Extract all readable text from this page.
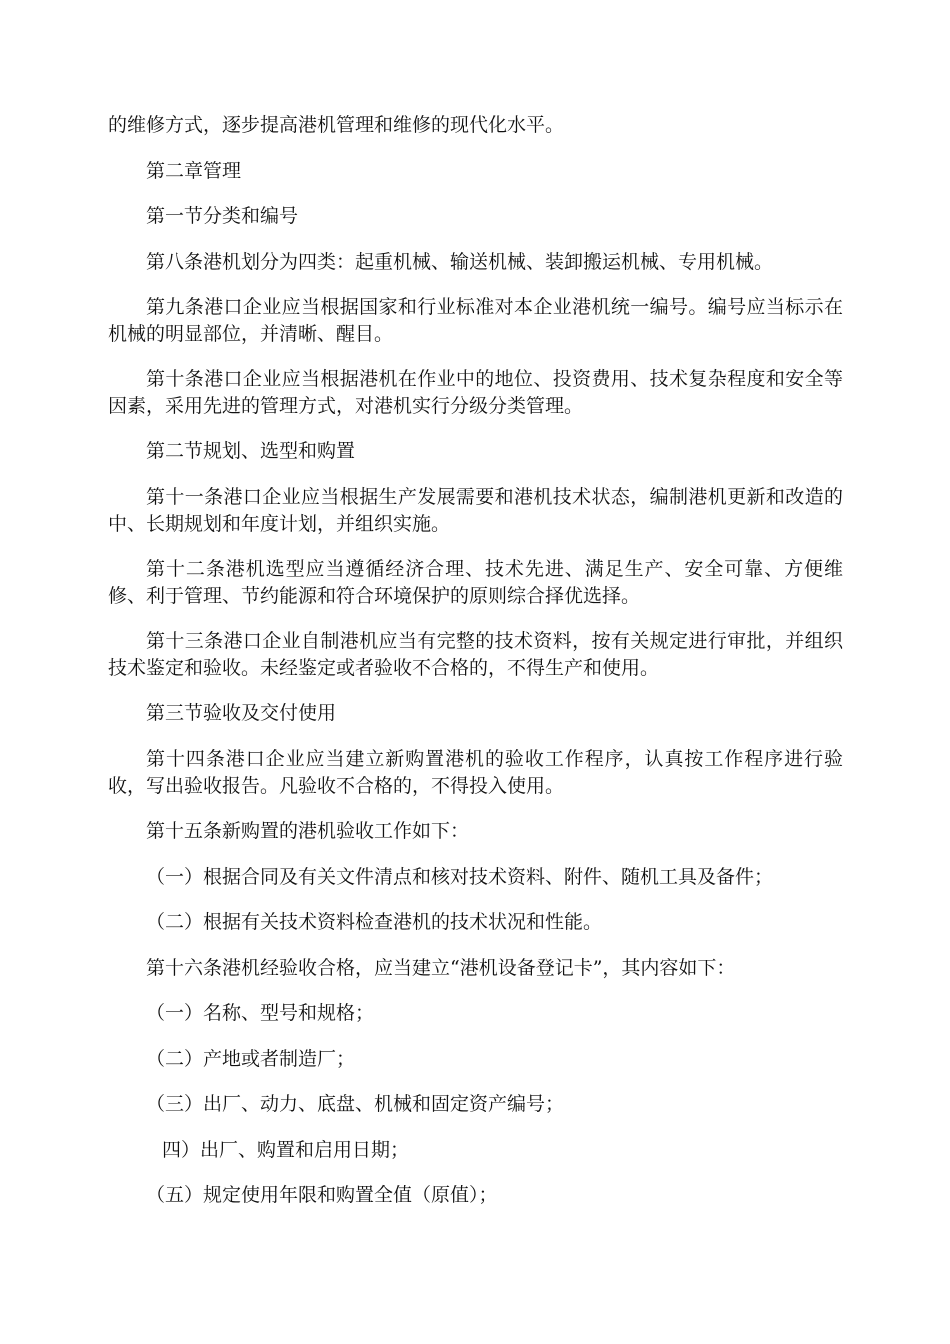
的维修方式，逐步提高港机管理和维修的现代化水平。

第二章管理

第一节分类和编号

第八条港机划分为四类：起重机械、输送机械、装卸搬运机械、专用机械。

第九条港口企业应当根据国家和行业标准对本企业港机统一编号。编号应当标示在机械的明显部位，并清晰、醒目。

第十条港口企业应当根据港机在作业中的地位、投资费用、技术复杂程度和安全等因素，采用先进的管理方式，对港机实行分级分类管理。

第二节规划、选型和购置

第十一条港口企业应当根据生产发展需要和港机技术状态，编制港机更新和改造的中、长期规划和年度计划，并组织实施。

第十二条港机选型应当遵循经济合理、技术先进、满足生产、安全可靠、方便维修、利于管理、节约能源和符合环境保护的原则综合择优选择。

第十三条港口企业自制港机应当有完整的技术资料，按有关规定进行审批，并组织技术鉴定和验收。未经鉴定或者验收不合格的，不得生产和使用。

第三节验收及交付使用

第十四条港口企业应当建立新购置港机的验收工作程序，认真按工作程序进行验收，写出验收报告。凡验收不合格的，不得投入使用。

第十五条新购置的港机验收工作如下：

（一）根据合同及有关文件清点和核对技术资料、附件、随机工具及备件；

（二）根据有关技术资料检查港机的技术状况和性能。

第十六条港机经验收合格，应当建立“港机设备登记卡”，其内容如下：

（一）名称、型号和规格；

（二）产地或者制造厂；

（三）出厂、动力、底盘、机械和固定资产编号；

四）出厂、购置和启用日期；

（五）规定使用年限和购置全值（原值）；
